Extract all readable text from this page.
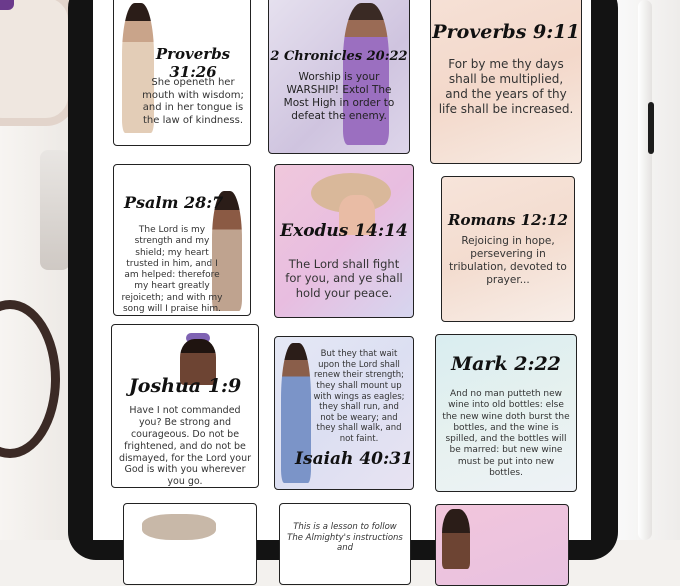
Proverbs 31:26
She openeth her mouth with wisdom; and in her tongue is the law of kindness.
2 Chronicles 20:22
Worship is your WARSHIP! Extol The Most High in order to defeat the enemy.
Proverbs 9:11
For by me thy days shall be multiplied, and the years of thy life shall be increased.
Psalm 28:7
The Lord is my strength and my shield; my heart trusted in him, and I am helped: therefore my heart greatly rejoiceth; and with my song will I praise him.
Exodus 14:14
The Lord shall fight for you, and ye shall hold your peace.
Romans 12:12
Rejoicing in hope, persevering in tribulation, devoted to prayer...
Joshua 1:9
Have I not commanded you? Be strong and courageous. Do not be frightened, and do not be dismayed, for the Lord your God is with you wherever you go.
But they that wait upon the Lord shall renew their strength; they shall mount up with wings as eagles; they shall run, and not be weary; and they shall walk, and not faint.
Isaiah 40:31
Mark 2:22
And no man putteth new wine into old bottles: else the new wine doth burst the bottles, and the wine is spilled, and the bottles will be marred: but new wine must be put into new bottles.
This is a lesson to follow The Almighty's instructions and
